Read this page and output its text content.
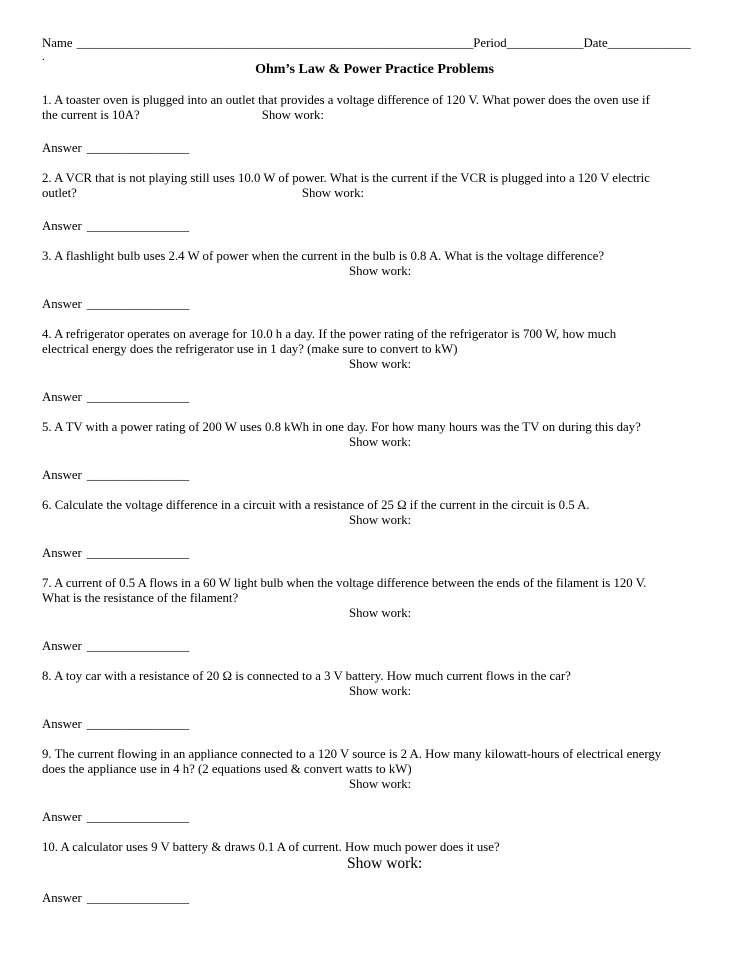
Name ______________________________________________________________Period____________Date_____________
.
Ohm’s Law & Power Practice Problems

1. A toaster oven is plugged into an outlet that provides a voltage difference of 120 V. What power does the oven use if

the current is 10A?	Show work:

Answer ________________

2. A VCR that is not playing still uses 10.0 W of power. What is the current if the VCR is plugged into a 120 V electric

outlet?	Show work:

Answer ________________

3. A flashlight bulb uses 2.4 W of power when the current in the bulb is 0.8 A. What is the voltage difference?

Show work:

Answer ________________

4. A refrigerator operates on average for 10.0 h a day. If the power rating of the refrigerator is 700 W, how much

electrical energy does the refrigerator use in 1 day? (make sure to convert to kW)

Show work:

Answer ________________

5. A TV with a power rating of 200 W uses 0.8 kWh in one day. For how many hours was the TV on during this day?

Show work:

Answer ________________

6. Calculate the voltage difference in a circuit with a resistance of 25 Ω if the current in the circuit is 0.5 A.

Show work:

Answer ________________

7. A current of 0.5 A flows in a 60 W light bulb when the voltage difference between the ends of the filament is 120 V.

What is the resistance of the filament?

Show work:

Answer ________________

8. A toy car with a resistance of 20 Ω is connected to a 3 V battery. How much current flows in the car?

Show work:

Answer ________________

9. The current flowing in an appliance connected to a 120 V source is 2 A. How many kilowatt-hours of electrical energy

does the appliance use in 4 h? (2 equations used & convert watts to kW)

Show work:

Answer ________________

10. A calculator uses 9 V battery & draws 0.1 A of current. How much power does it use?

Show work:

Answer ________________
